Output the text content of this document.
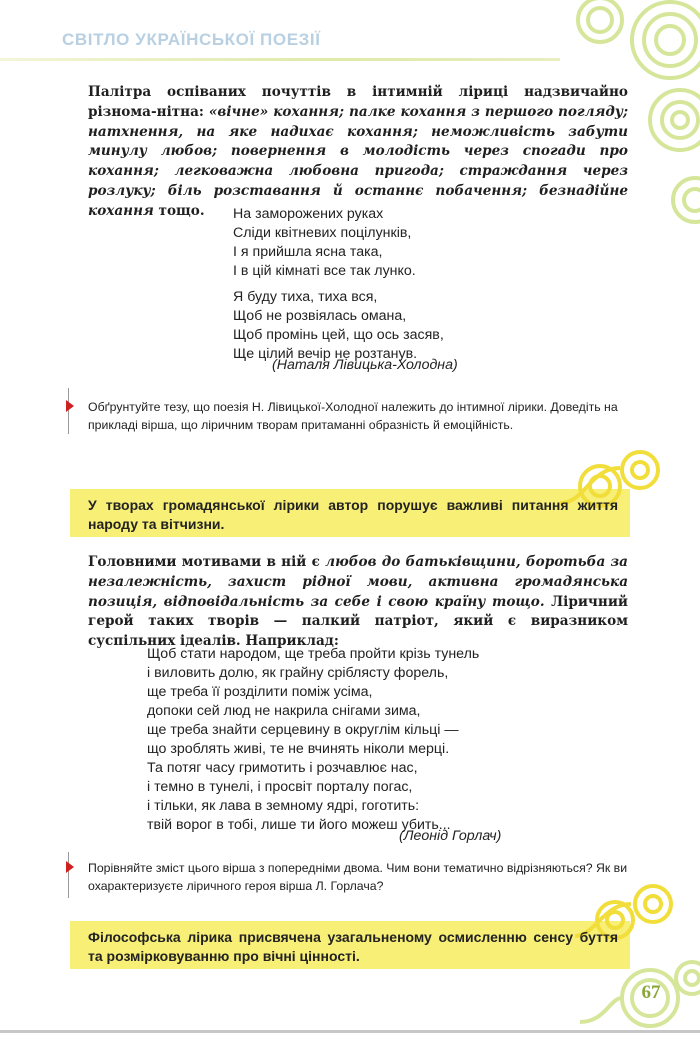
СВІТЛО УКРАЇНСЬКОЇ ПОЕЗІЇ
Палітра оспіваних почуттів в інтимній ліриці надзвичайно різнома-нітна: «вічне» кохання; палке кохання з першого погляду; натхнення, на яке надихає кохання; неможливість забути минулу любов; повернення в молодість через спогади про кохання; легковажна любовна пригода; страждання через розлуку; біль розставання й останнє побачення; безнадійне кохання тощо.	На заморожених руках
Сліди квітневих поцілунків,
І я прийшла ясна така,
І в цій кімнаті все так лунко.
Я буду тиха, тиха вся,
Щоб не розвіялась омана,
Щоб промінь цей, що ось засяв,
Ще цілий вечір не розтанув.
(Наталя Лівицька-Холодна)
Обґрунтуйте тезу, що поезія Н. Лівицької-Холодної належить до інтимної лірики. Доведіть на прикладі вірша, що ліричним творам притаманні образність й емоційність.
У творах громадянської лірики автор порушує важливі питання життя народу та вітчизни.
Головними мотивами в ній є любов до батьківщини, боротьба за незалежність, захист рідної мови, активна громадянська позиція, відповідальність за себе і свою країну тощо. Ліричний герой таких творів — палкий патріот, який є виразником суспільних ідеалів. Наприклад:
Щоб стати народом, ще треба пройти крізь тунель
і виловить долю, як грайну сріблясту форель,
ще треба її розділити поміж усіма,
допоки сей люд не накрила снігами зима,
ще треба знайти серцевину в округлім кільці —
що зроблять живі, те не вчинять ніколи мерці.
Та потяг часу гримотить і розчавлює нас,
і темно в тунелі, і просвіт порталу погас,
і тільки, як лава в земному ядрі, гоготить:
твій ворог в тобі, лише ти його можеш убить...
(Леонід Горлач)
Порівняйте зміст цього вірша з попередніми двома. Чим вони тематично відрізняються? Як ви охарактеризуєте ліричного героя вірша Л. Горлача?
Філософська лірика присвячена узагальненому осмисленню сенсу буття та розмірковуванню про вічні цінності.
67
